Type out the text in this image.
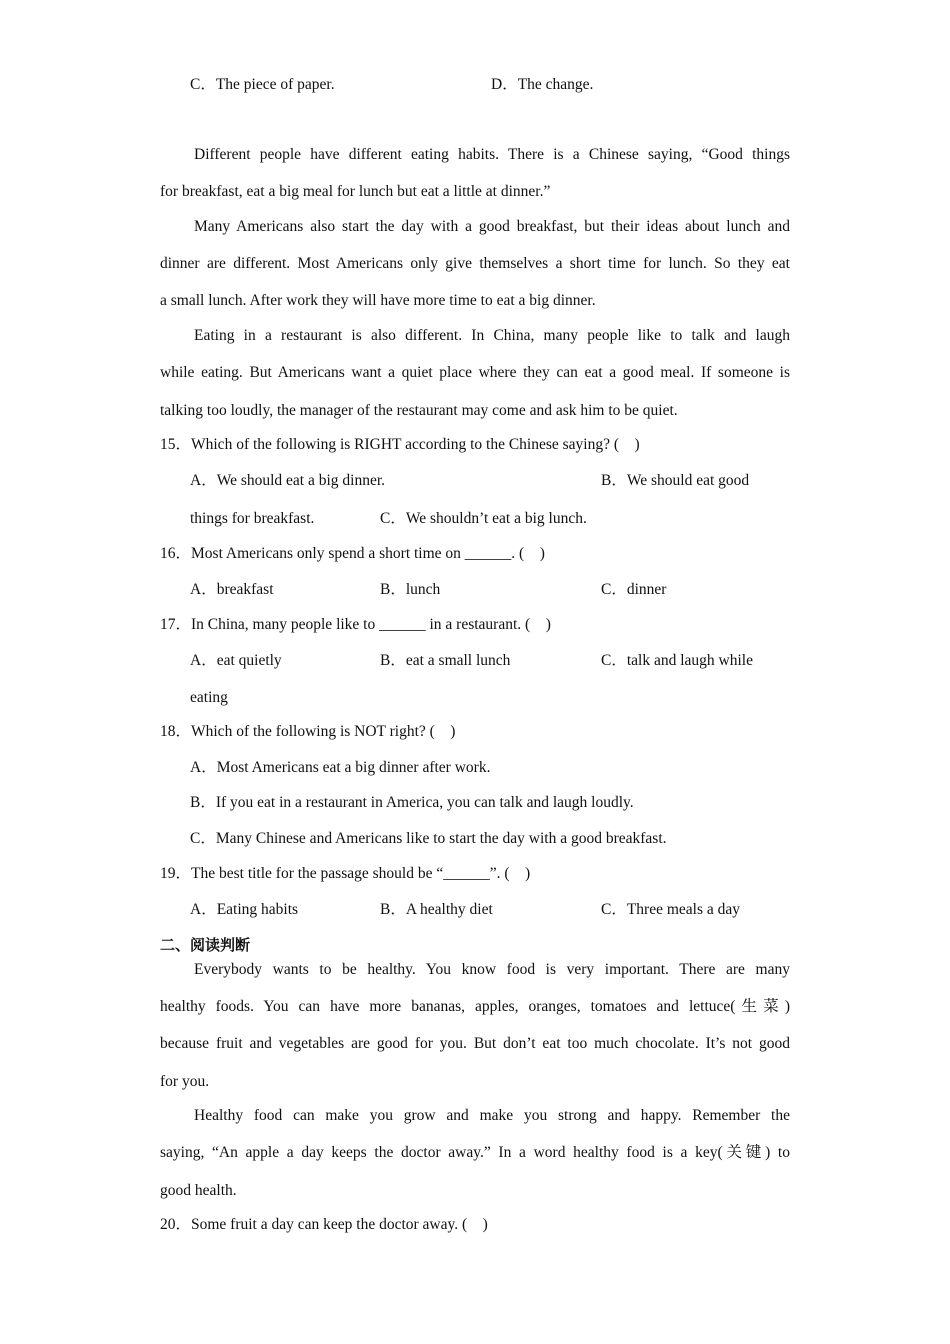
C．The piece of paper.	D．The change.
Different people have different eating habits. There is a Chinese saying, “Good things
for breakfast, eat a big meal for lunch but eat a little at dinner.”
Many Americans also start the day with a good breakfast, but their ideas about lunch and
dinner are different. Most Americans only give themselves a short time for lunch. So they eat
a small lunch. After work they will have more time to eat a big dinner.
Eating in a restaurant is also different. In China, many people like to talk and laugh
while eating. But Americans want a quiet place where they can eat a good meal. If someone is
talking too loudly, the manager of the restaurant may come and ask him to be quiet.
15．Which of the following is RIGHT according to the Chinese saying? (　)
A．We should eat a big dinner.	B．We should eat good
things for breakfast.	C．We shouldn’t eat a big lunch.
16．Most Americans only spend a short time on ______. (　)
A．breakfast	B．lunch	C．dinner
17．In China, many people like to ______ in a restaurant. (　)
A．eat quietly	B．eat a small lunch	C．talk and laugh while
eating
18．Which of the following is NOT right? (　)
A．Most Americans eat a big dinner after work.
B．If you eat in a restaurant in America, you can talk and laugh loudly.
C．Many Chinese and Americans like to start the day with a good breakfast.
19．The best title for the passage should be “______”. (　)
A．Eating habits	B．A healthy diet	C．Three meals a day
二、阅读判断
Everybody wants to be healthy. You know food is very important. There are many
healthy foods. You can have more bananas, apples, oranges, tomatoes and lettuce(生菜)
because fruit and vegetables are good for you. But don’t eat too much chocolate. It’s not good
for you.
Healthy food can make you grow and make you strong and happy. Remember the
saying, “An apple a day keeps the doctor away.” In a word healthy food is a key(关键) to
good health.
20．Some fruit a day can keep the doctor away. (　)
